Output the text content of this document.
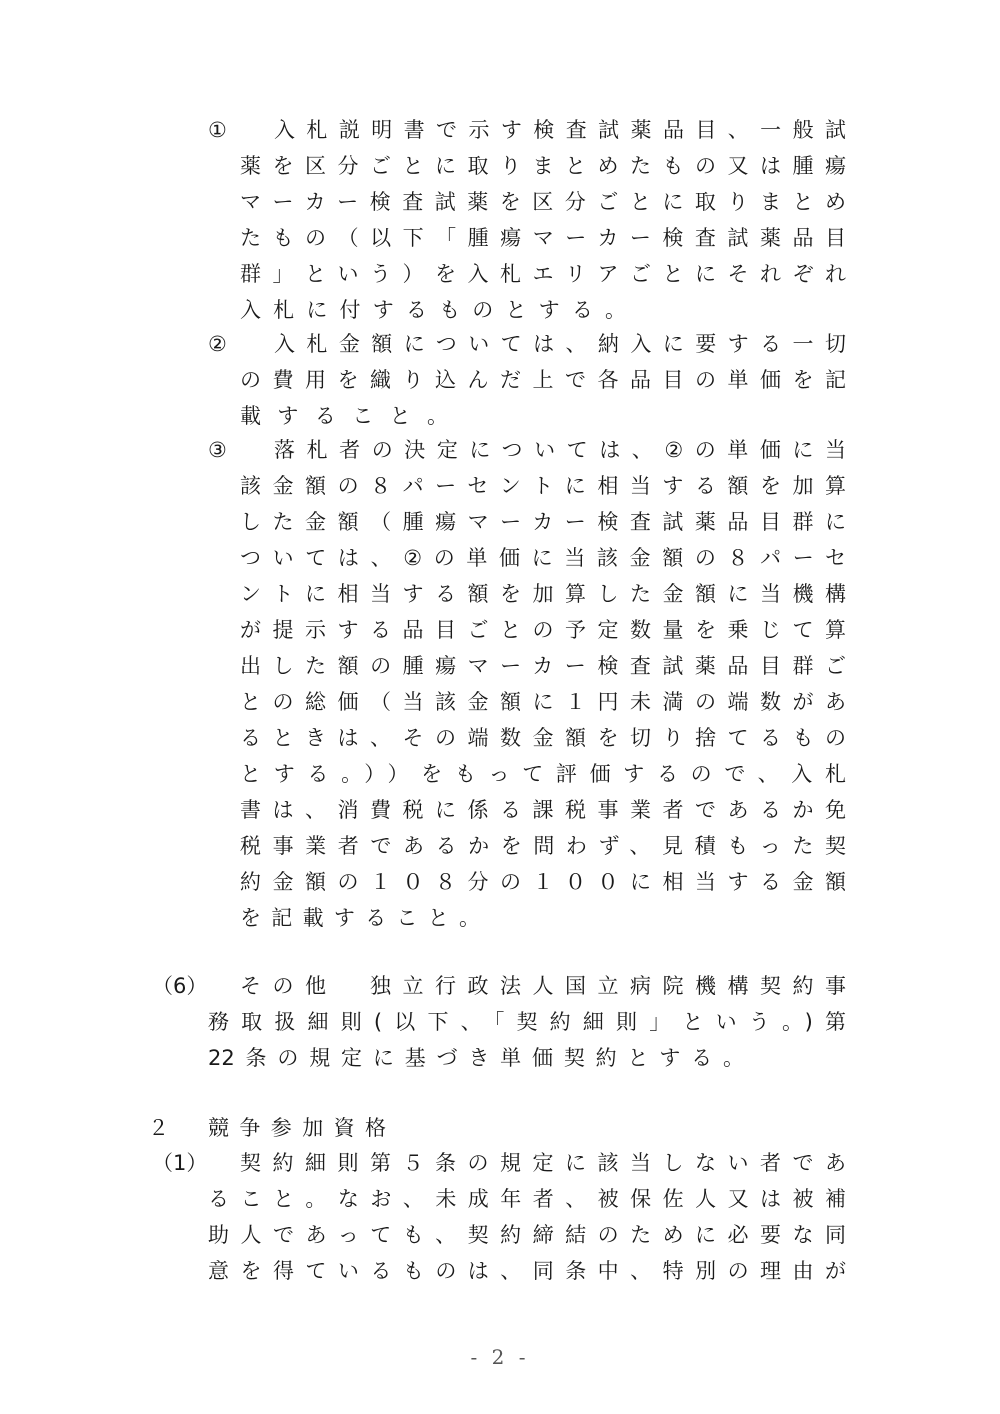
① 入札説明書で示す検査試薬品目、一般試
薬を区分ごとに取りまとめたもの又は腫瘍
マーカー検査試薬を区分ごとに取りまとめ
たもの（以下「腫瘍マーカー検査試薬品目
群」という）を入札エリアごとにそれぞれ
入札に付するものとする。
② 入札金額については、納入に要する一切
の費用を織り込んだ上で各品目の単価を記
載すること。
③ 落札者の決定については、②の単価に当
該金額の８パーセントに相当する額を加算
した金額（腫瘍マーカー検査試薬品目群に
ついては、②の単価に当該金額の８パーセ
ントに相当する額を加算した金額に当機構
が提示する品目ごとの予定数量を乗じて算
出した額の腫瘍マーカー検査試薬品目群ご
との総価（当該金額に１円未満の端数があ
るときは、その端数金額を切り捨てるもの
とする。））をもって評価するので、入札
書は、消費税に係る課税事業者であるか免
税事業者であるかを問わず、見積もった契
約金額の１０８分の１００に相当する金額
を記載すること。
（6） その他　独立行政法人国立病院機構契約事
務取扱細則(以下、「契約細則」という。)第
22条の規定に基づき単価契約とする。
２ 競争参加資格
（1） 契約細則第５条の規定に該当しない者であ
ること。なお、未成年者、被保佐人又は被補
助人であっても、契約締結のために必要な同
意を得ているものは、同条中、特別の理由が
- 2 -
